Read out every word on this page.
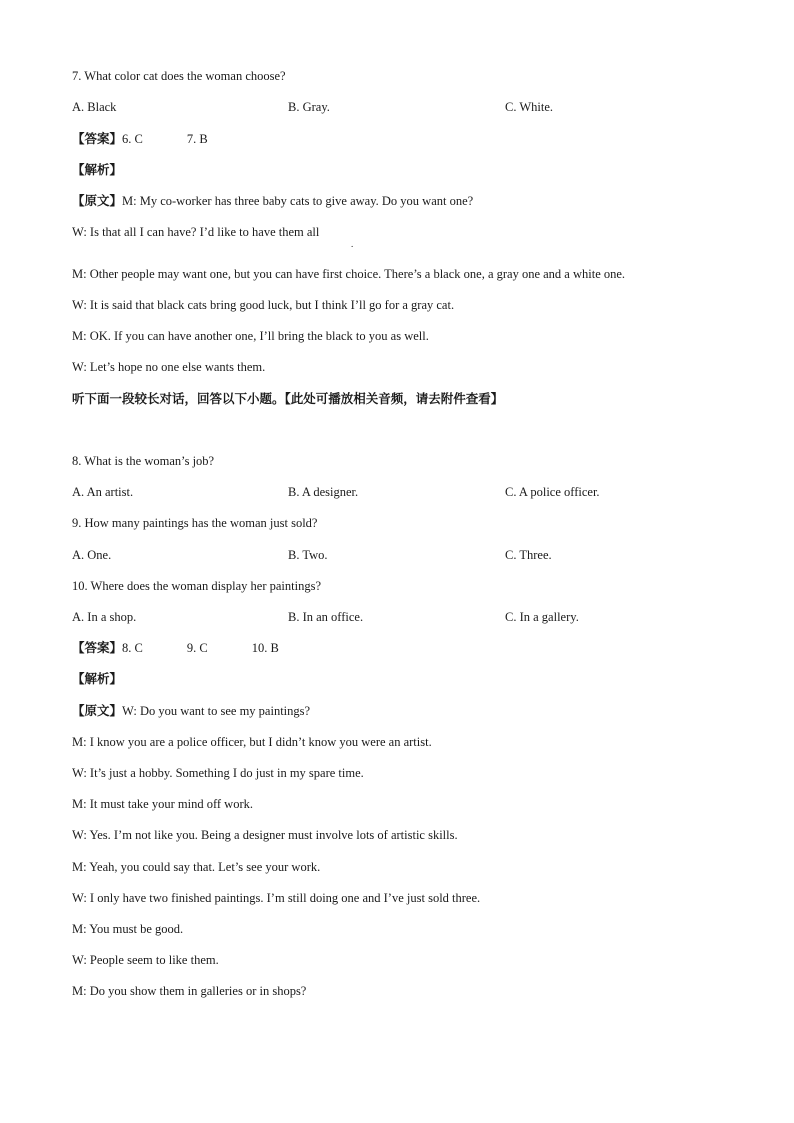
7. What color cat does the woman choose?
A. Black	B. Gray.	C. White.
【答案】6. C	7. B
【解析】
【原文】M: My co-worker has three baby cats to give away. Do you want one?
W: Is that all I can have? I’d like to have them all
.
M: Other people may want one, but you can have first choice. There’s a black one, a gray one and a white one.
W: It is said that black cats bring good luck, but I think I’ll go for a gray cat.
M: OK. If you can have another one, I’ll bring the black to you as well.
W: Let’s hope no one else wants them.
听下面一段较长对话，回答以下小题。【此处可播放相关音频，请去附件查看】
8. What is the woman’s job?
A. An artist.	B. A designer.	C. A police officer.
9. How many paintings has the woman just sold?
A. One.	B. Two.	C. Three.
10. Where does the woman display her paintings?
A. In a shop.	B. In an office.	C. In a gallery.
【答案】8. C	9. C	10. B
【解析】
【原文】W: Do you want to see my paintings?
M: I know you are a police officer, but I didn’t know you were an artist.
W: It’s just a hobby. Something I do just in my spare time.
M: It must take your mind off work.
W: Yes. I’m not like you. Being a designer must involve lots of artistic skills.
M: Yeah, you could say that. Let’s see your work.
W: I only have two finished paintings. I’m still doing one and I’ve just sold three.
M: You must be good.
W: People seem to like them.
M: Do you show them in galleries or in shops?
